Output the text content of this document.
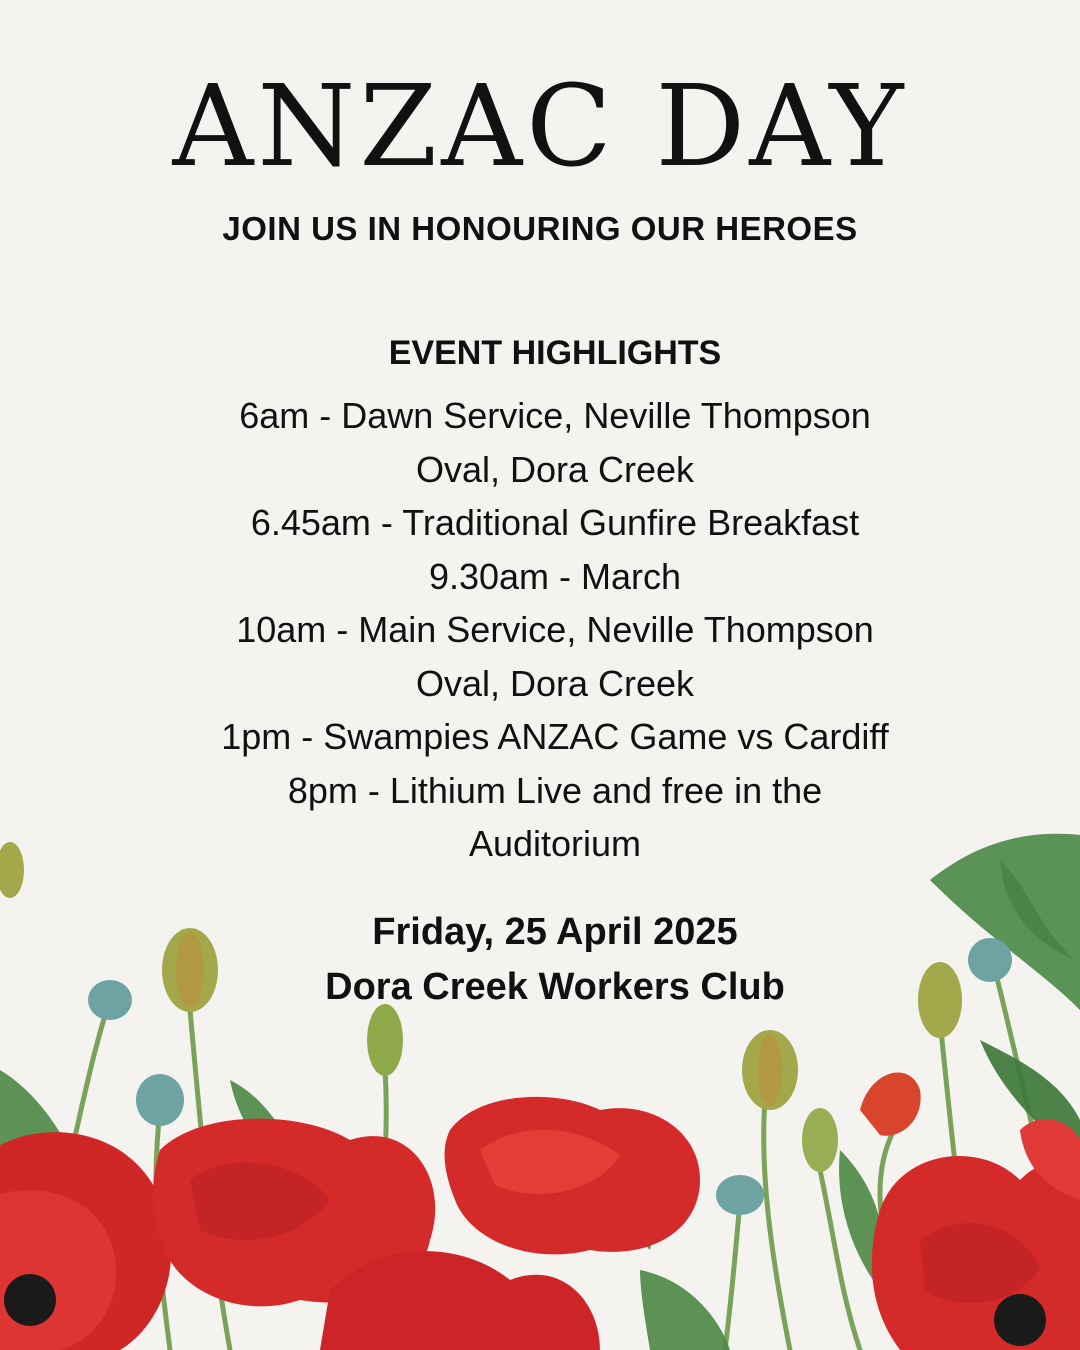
ANZAC DAY

JOIN US IN HONOURING OUR HEROES

EVENT HIGHLIGHTS

6am - Dawn Service, Neville Thompson
Oval, Dora Creek
6.45am - Traditional Gunfire Breakfast
9.30am - March
10am - Main Service, Neville Thompson
Oval, Dora Creek
1pm - Swampies ANZAC Game vs Cardiff
8pm - Lithium Live and free in the
Auditorium
Friday, 25 April 2025
Dora Creek Workers Club
